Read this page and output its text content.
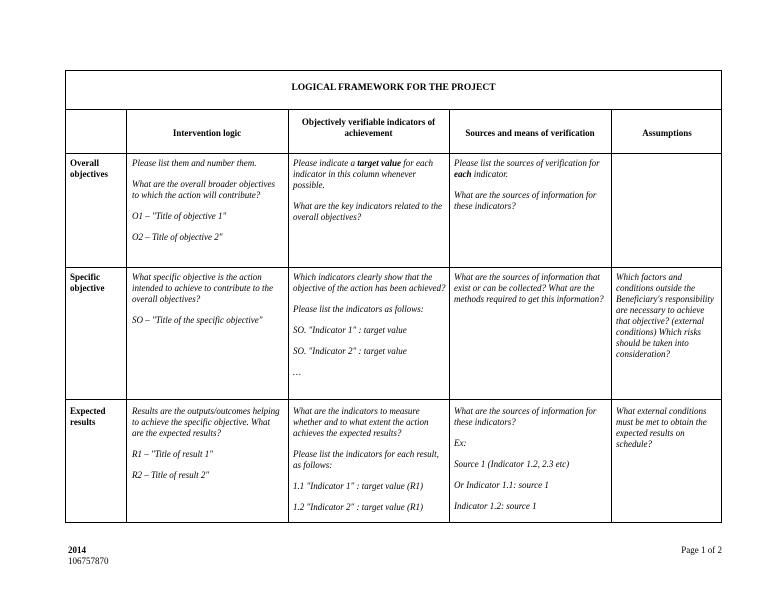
LOGICAL FRAMEWORK FOR THE PROJECT
Intervention logic
Objectively verifiable indicators of achievement	Sources and means of verification	Assumptions
Overall objectives

Please list them and number them.

What are the overall broader objectives to which the action will contribute?

O1 – "Title of objective 1"

O2 – Title of objective 2"

Please indicate a target value for each indicator in this column whenever possible.

What are the key indicators related to the overall objectives?

Please list the sources of verification for each indicator.

What are the sources of information for these indicators?

Specific objective

What specific objective is the action intended to achieve to contribute to the overall objectives?

SO – "Title of the specific objective"

Which indicators clearly show that the objective of the action has been achieved?

Please list the indicators as follows:

SO. "Indicator 1" : target value

SO. "Indicator 2" : target value

…

What are the sources of information that exist or can be collected? What are the methods required to get this information?

Which factors and conditions outside the Beneficiary's responsibility are necessary to achieve that objective? (external conditions) Which risks should be taken into consideration?

Expected results

Results are the outputs/outcomes helping to achieve the specific objective. What are the expected results?

R1 – "Title of result 1"

R2 – Title of result 2"

What are the indicators to measure whether and to what extent the action achieves the expected results?

Please list the indicators for each result, as follows:

1.1 "Indicator 1" : target value (R1)

1.2 "Indicator 2" : target value (R1)

What are the sources of information for these indicators?

Ex:

Source 1 (Indicator 1.2, 2.3 etc)

Or Indicator 1.1: source 1

Indicator 1.2: source 1

What external conditions must be met to obtain the expected results on schedule?

2014
106757870
Page 1 of 2
